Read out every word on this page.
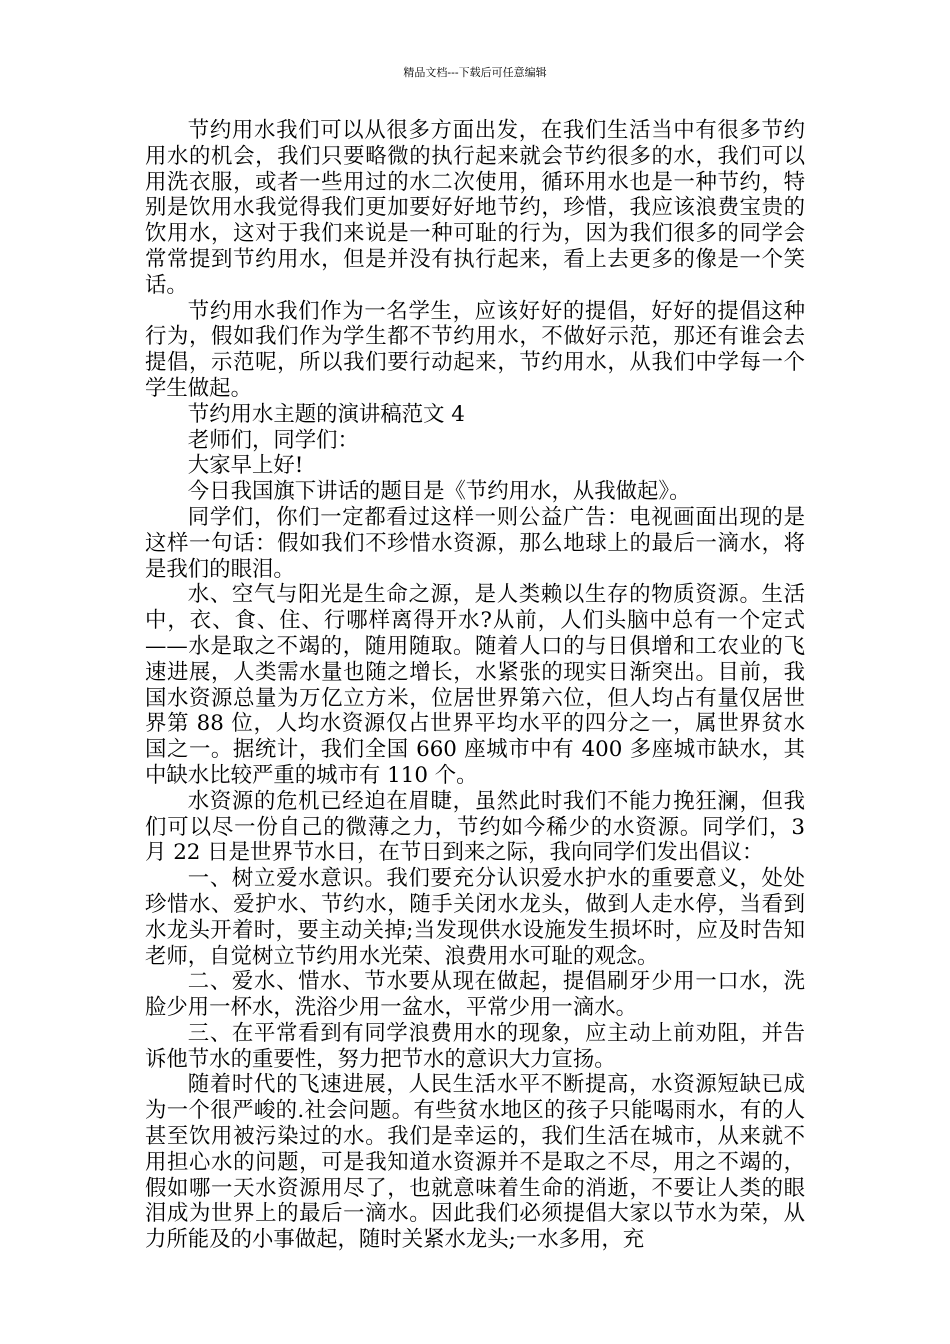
精品文档---下载后可任意编辑

节约用水我们可以从很多方面出发，在我们生活当中有很多节约用水的机会，我们只要略微的执行起来就会节约很多的水，我们可以用洗衣服，或者一些用过的水二次使用，循环用水也是一种节约，特别是饮用水我觉得我们更加要好好地节约，珍惜，我应该浪费宝贵的饮用水，这对于我们来说是一种可耻的行为，因为我们很多的同学会常常提到节约用水，但是并没有执行起来，看上去更多的像是一个笑话。

节约用水我们作为一名学生，应该好好的提倡，好好的提倡这种行为，假如我们作为学生都不节约用水，不做好示范，那还有谁会去提倡，示范呢，所以我们要行动起来，节约用水，从我们中学每一个学生做起。

节约用水主题的演讲稿范文 4

老师们，同学们：

大家早上好!

今日我国旗下讲话的题目是《节约用水，从我做起》。

同学们，你们一定都看过这样一则公益广告：电视画面出现的是这样一句话：假如我们不珍惜水资源，那么地球上的最后一滴水，将是我们的眼泪。

水、空气与阳光是生命之源，是人类赖以生存的物质资源。生活中，衣、食、住、行哪样离得开水?从前，人们头脑中总有一个定式——水是取之不竭的，随用随取。随着人口的与日俱增和工农业的飞速进展，人类需水量也随之增长，水紧张的现实日渐突出。目前，我国水资源总量为万亿立方米，位居世界第六位，但人均占有量仅居世界第 88 位，人均水资源仅占世界平均水平的四分之一，属世界贫水国之一。据统计，我们全国 660 座城市中有 400 多座城市缺水，其中缺水比较严重的城市有 110 个。

水资源的危机已经迫在眉睫，虽然此时我们不能力挽狂澜，但我们可以尽一份自己的微薄之力，节约如今稀少的水资源。同学们，3 月 22 日是世界节水日，在节日到来之际，我向同学们发出倡议：

一、树立爱水意识。我们要充分认识爱水护水的重要意义，处处珍惜水、爱护水、节约水，随手关闭水龙头，做到人走水停，当看到水龙头开着时，要主动关掉;当发现供水设施发生损坏时，应及时告知老师，自觉树立节约用水光荣、浪费用水可耻的观念。

二、爱水、惜水、节水要从现在做起，提倡刷牙少用一口水，洗脸少用一杯水，洗浴少用一盆水，平常少用一滴水。

三、在平常看到有同学浪费用水的现象，应主动上前劝阻，并告诉他节水的重要性，努力把节水的意识大力宣扬。

随着时代的飞速进展，人民生活水平不断提高，水资源短缺已成为一个很严峻的.社会问题。有些贫水地区的孩子只能喝雨水，有的人甚至饮用被污染过的水。我们是幸运的，我们生活在城市，从来就不用担心水的问题，可是我知道水资源并不是取之不尽，用之不竭的，假如哪一天水资源用尽了，也就意味着生命的消逝，不要让人类的眼泪成为世界上的最后一滴水。因此我们必须提倡大家以节水为荣，从力所能及的小事做起，随时关紧水龙头;一水多用，充
